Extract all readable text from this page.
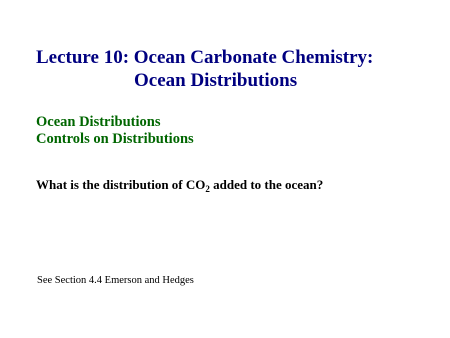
Lecture 10: Ocean Carbonate Chemistry:
Ocean Distributions
Ocean Distributions
Controls on Distributions
What is the distribution of $CO_2$ added to the ocean?
See Section 4.4 Emerson and Hedges
